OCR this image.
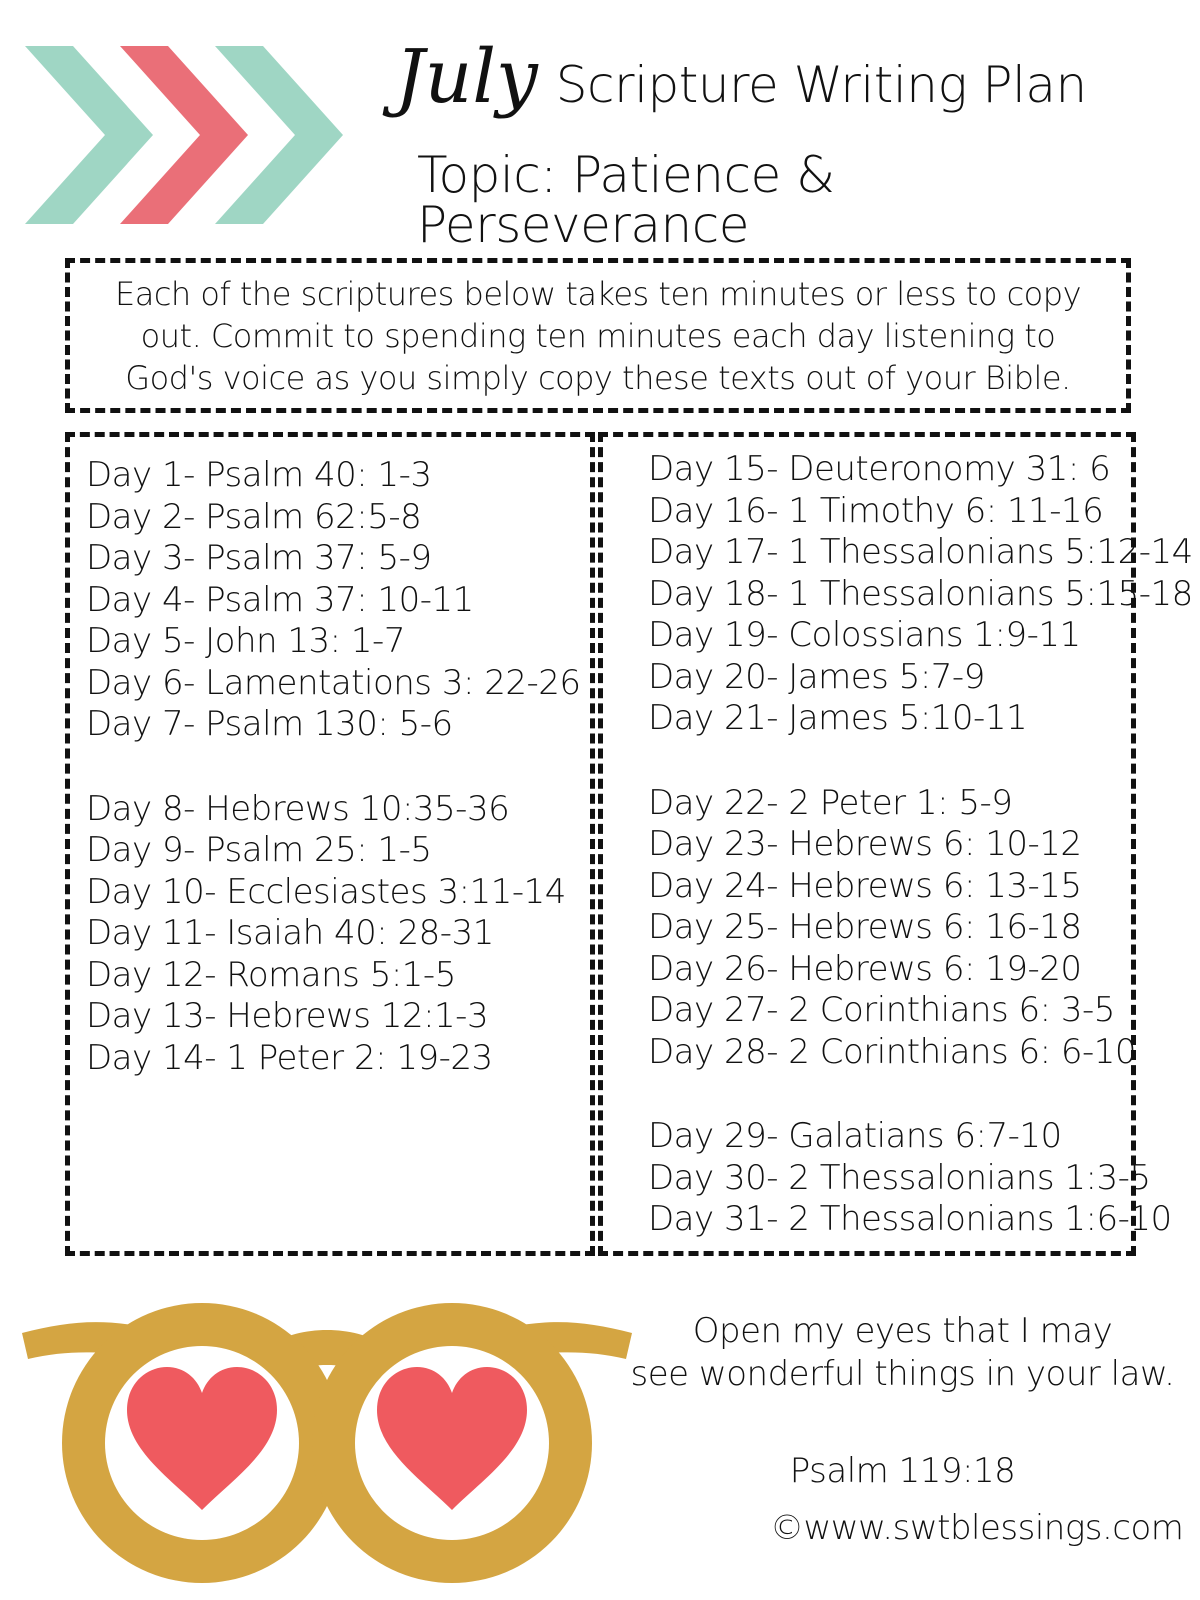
July Scripture Writing Plan
Topic: Patience & Perseverance
Each of the scriptures below takes ten minutes or less to copy out. Commit to spending ten minutes each day listening to God's voice as you simply copy these texts out of your Bible.
Day 1- Psalm 40: 1-3
Day 2- Psalm 62:5-8
Day 3- Psalm 37: 5-9
Day 4- Psalm 37: 10-11
Day 5- John 13: 1-7
Day 6- Lamentations 3: 22-26
Day 7- Psalm 130: 5-6
Day 8- Hebrews 10:35-36
Day 9- Psalm 25: 1-5
Day 10- Ecclesiastes 3:11-14
Day 11- Isaiah 40: 28-31
Day 12- Romans 5:1-5
Day 13- Hebrews 12:1-3
Day 14- 1 Peter 2: 19-23
Day 15- Deuteronomy 31: 6
Day 16- 1 Timothy 6: 11-16
Day 17- 1 Thessalonians 5:12-14
Day 18- 1 Thessalonians 5:15-18
Day 19- Colossians 1:9-11
Day 20- James 5:7-9
Day 21- James 5:10-11
Day 22- 2 Peter 1: 5-9
Day 23- Hebrews 6: 10-12
Day 24- Hebrews 6: 13-15
Day 25- Hebrews 6: 16-18
Day 26- Hebrews 6: 19-20
Day 27- 2 Corinthians 6: 3-5
Day 28- 2 Corinthians 6: 6-10
Day 29- Galatians 6:7-10
Day 30- 2 Thessalonians 1:3-5
Day 31- 2 Thessalonians 1:6-10
Open my eyes that I may
see wonderful things in your law.
Psalm 119:18
©www.swtblessings.com
